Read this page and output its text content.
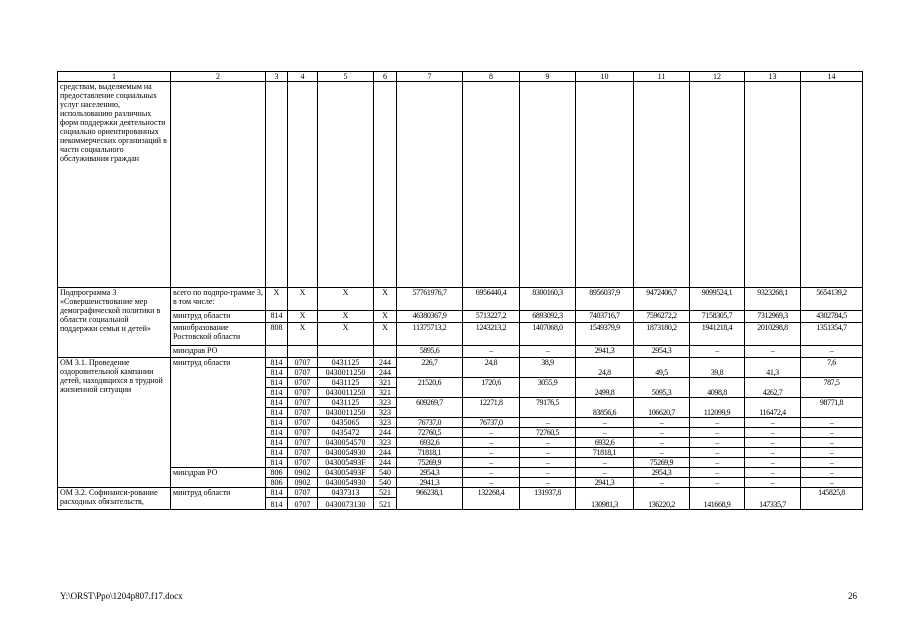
1	2	3	4	5	6	7	8	9	10	11	12	13	14
средствам, выделяемым на предоставление социальных услуг населению, использованию различных форм поддержки деятельности социально ориентированных некоммерческих организаций в части социального обслуживания граждан													
Подпрограмма 3 «Совершенствование мер демографической политики в области социальной поддержки семьи и детей»	всего по подпро-грамме 3, в том числе:	X	X	X	X	57761976,7	6956440,4	8300160,3	8956037,9	9472406,7	9099524,1	9323268,1	5654139,2
	минтруд области	814	X	X	X	46380367,9	5713227,2	6893092,3	7403716,7	7596272,2	7158305,7	7312969,3	4302784,5
	минобразование Ростовской области	808	X	X	X	11375713,2	1243213,2	1407068,0	1549379,9	1873180,2	1941218,4	2010298,8	1351354,7
	минздрав РО					5895,6	–	–	2941,3	2954,3	–	–	–
ОМ 3.1. Проведение оздоровительной кампании детей, находящихся в трудной жизненной ситуации	минтруд области	814	0707	0431125	244	226,7	24,8	38,9					7,6
		814	0707	0430011250	244				24,8	49,5	39,8	41,3	
		814	0707	0431125	321	21520,6	1720,6	3055,9					787,5
		814	0707	0430011250	321				2499,8	5095,3	4098,8	4262,7	
		814	0707	0431125	323	609269,7	12271,8	79176,5					98771,8
		814	0707	0430011250	323				83856,6	106620,7	112099,9	116472,4	
		814	0707	0435065	323	76737,0	76737,0	–	–	–	–	–	–
		814	0707	0435472	244	72760,5	–	72760,5	–	–	–	–	–
		814	0707	0430054570	323	6932,6	–	–	6932,6	–	–	–	–
		814	0707	0430054930	244	71818,1	–	–	71818,1	–	–	–	–
		814	0707	043005493F	244	75269,9	–	–	–	75269,9	–	–	–
	минздрав РО	806	0902	043005493F	540	2954,3	–	–	–	2954,3	–	–	–
		806	0902	0430054930	540	2941,3	–	–	2941,3	–	–	–	–
ОМ 3.2. Софинанси-рование расходных обязательств,	минтруд области	814	0707	0437313	521	966238,1	132268,4	131937,8					145825,8
		814	0707	0430073130	521				130981,3	136220,2	141668,9	147335,7	
Y:\ORST\Ppo\1204p807.f17.docx	26
